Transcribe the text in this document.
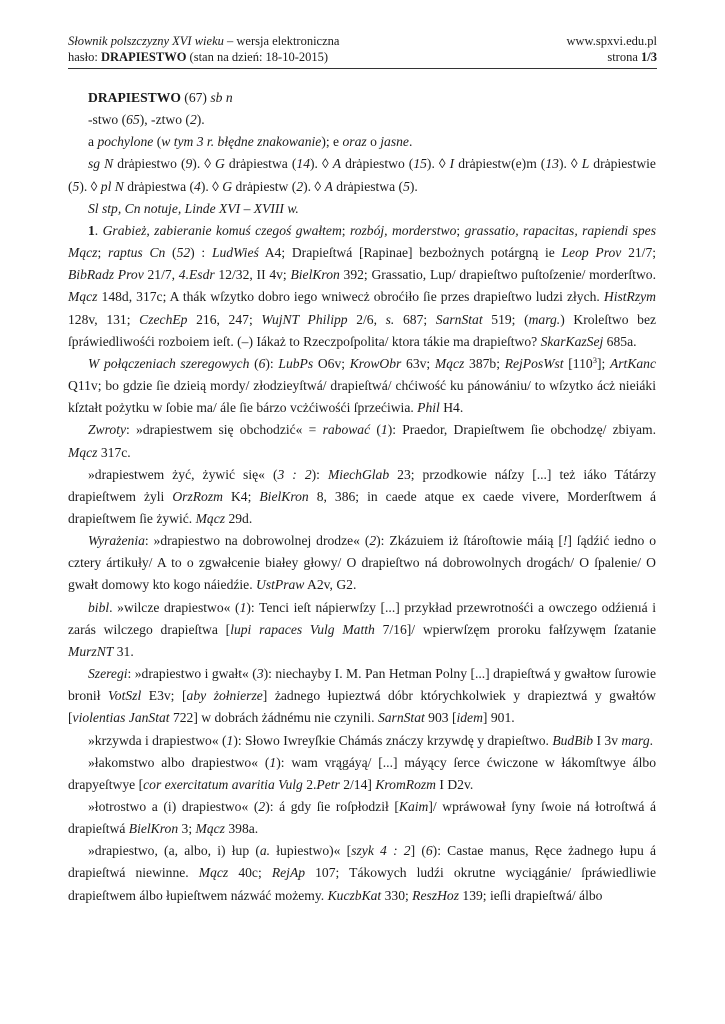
Słownik polszczyzny XVI wieku – wersja elektroniczna	www.spxvi.edu.pl
hasło: DRAPIESTWO (stan na dzień: 18-10-2015)	strona 1/3

DRAPIESTWO (67) sb n

-stwo (65), -ztwo (2).

a pochylone (w tym 3 r. błędne znakowanie); e oraz o jasne.

sg N drȧpiestwo (9). ◊ G drȧpiestwa (14). ◊ A drȧpiestwo (15). ◊ I drȧpiestw(e)m (13). ◊ L drȧpiestwie (5). ◊ pl N drȧpiestwa (4). ◊ G drȧpiestw (2). ◊ A drȧpiestwa (5).

Sl stp, Cn notuje, Linde XVI – XVIII w.

1. Grabież, zabieranie komuś czegoś gwałtem; rozbój, morderstwo; grassatio, rapacitas, rapiendi spes Mącz; raptus Cn (52) : LudWieś A4; Drapieſtwá [Rapinae] bezbożnych potárgną ie Leop Prov 21/7; BibRadz Prov 21/7, 4.Esdr 12/32, II 4v; BielKron 392; Grassatio, Lup/ drapieſtwo puſtoſzenie/ morderſtwo. Mącz 148d, 317c; A thák wſzytko dobro iego wniwecż obroćiło ſie przes drapieſtwo ludzi złych. HistRzym 128v, 131; CzechEp 216, 247; WujNT Philipp 2/6, s. 687; SarnStat 519; (marg.) Kroleſtwo bez ſpráwiedliwośći rozboiem ieſt. (–) Iákaż to Rzeczpoſpolita/ ktora tákie ma drapieſtwo? SkarKazSej 685a.

W połączeniach szeregowych (6): LubPs O6v; KrowObr 63v; Mącz 387b; RejPosWst $[110^3]$; ArtKanc Q11v; bo gdzie ſie dzieią mordy/ złodzieyſtwá/ drapieſtwá/ chćiwość ku pánowániu/ to wſzytko ácż nieiáki kſztałt pożytku w ſobie ma/ ále ſie bárzo vcżćiwośći ſprzećiwia. Phil H4.

Zwroty: »drapiestwem się obchodzić« = rabować (1): Praedor, Drapieſtwem ſie obchodzę/ zbiyam. Mącz 317c.

»drapiestwem żyć, żywić się« (3 : 2): MiechGlab 23; przodkowie náſzy [...] też iáko Tátárzy drapieſtwem żyli OrzRozm K4; BielKron 8, 386; in caede atque ex caede vivere, Morderſtwem á drapieſtwem ſie żywić. Mącz 29d.

Wyrażenia: »drapiestwo na dobrowolnej drodze« (2): Zkázuiem iż ſtároſtowie máią [!] ſądźić iedno o cztery ártikuły/ A to o zgwałcenie białey głowy/ O drapieſtwo ná dobrowolnych drogách/ O ſpalenie/ O gwałt domowy kto kogo náiedźie. UstPraw A2v, G2.

bibl. »wilcze drapiestwo« (1): Tenci ieſt nápierwſzy [...] przykład przewrotnośći a owczego odźienıá i zarás wilczego drapieſtwa [lupi rapaces Vulg Matth 7/16]/ wpierwſzęm proroku fałſzywęm ſzatanie MurzNT 31.

Szeregi: »drapiestwo i gwałt« (3): niechayby I. M. Pan Hetman Polny [...] drapieſtwá y gwałtow ſurowie bronił VotSzl E3v; [aby żołnierze] żadnego łupieztwá dóbr którychkolwiek y drapieztwá y gwałtów [violentias JanStat 722] w dobrách żádnému nie czynili. SarnStat 903 [idem] 901.

»krzywda i drapiestwo« (1): Słowo Iwreyſkie Chámás znáczy krzywdę y drapieſtwo. BudBib I 3v marg.

»łakomstwo albo drapiestwo« (1): wam vrągáyą/ [...] máyący ſerce ćwiczone w łákomſtwye álbo drapyeſtwye [cor exercitatum avaritia Vulg 2.Petr 2/14] KromRozm I D2v.

»łotrostwo a (i) drapiestwo« (2): á gdy ſie roſpłodził [Kaim]/ wpráwował ſyny ſwoie ná łotroſtwá á drapieſtwá BielKron 3; Mącz 398a.

»drapiestwo, (a, albo, i) łup (a. łupiestwo)« [szyk 4 : 2] (6): Castae manus, Ręce żadnego łupu á drapieſtwá niewinne. Mącz 40c; RejAp 107; Tákowych ludźi okrutne wyciągánie/ ſpráwiedliwie drapieſtwem álbo łupieſtwem názwáć możemy. KuczbKat 330; ReszHoz 139; ieſli drapieſtwá/ álbo
